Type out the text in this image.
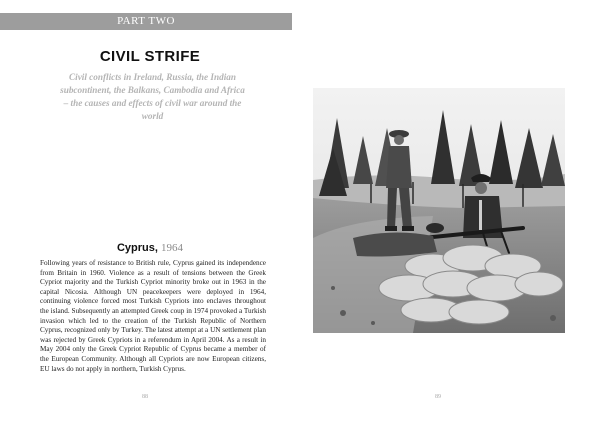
PART TWO
CIVIL STRIFE
Civil conflicts in Ireland, Russia, the Indian subcontinent, the Balkans, Cambodia and Africa – the causes and effects of civil war around the world
Cyprus, 1964
Following years of resistance to British rule, Cyprus gained its independence from Britain in 1960. Violence as a result of tensions between the Greek Cypriot majority and the Turkish Cypriot minority broke out in 1963 in the capital Nicosia. Although UN peacekeepers were deployed in 1964, continuing violence forced most Turkish Cypriots into enclaves throughout the island. Subsequently an attempted Greek coup in 1974 provoked a Turkish invasion which led to the creation of the Turkish Republic of Northern Cyprus, recognized only by Turkey. The latest attempt at a UN settlement plan was rejected by Greek Cypriots in a referendum in April 2004. As a result in May 2004 only the Greek Cypriot Republic of Cyprus became a member of the European Community. Although all Cypriots are now European citizens, EU laws do not apply in northern, Turkish Cyprus.
88	89
